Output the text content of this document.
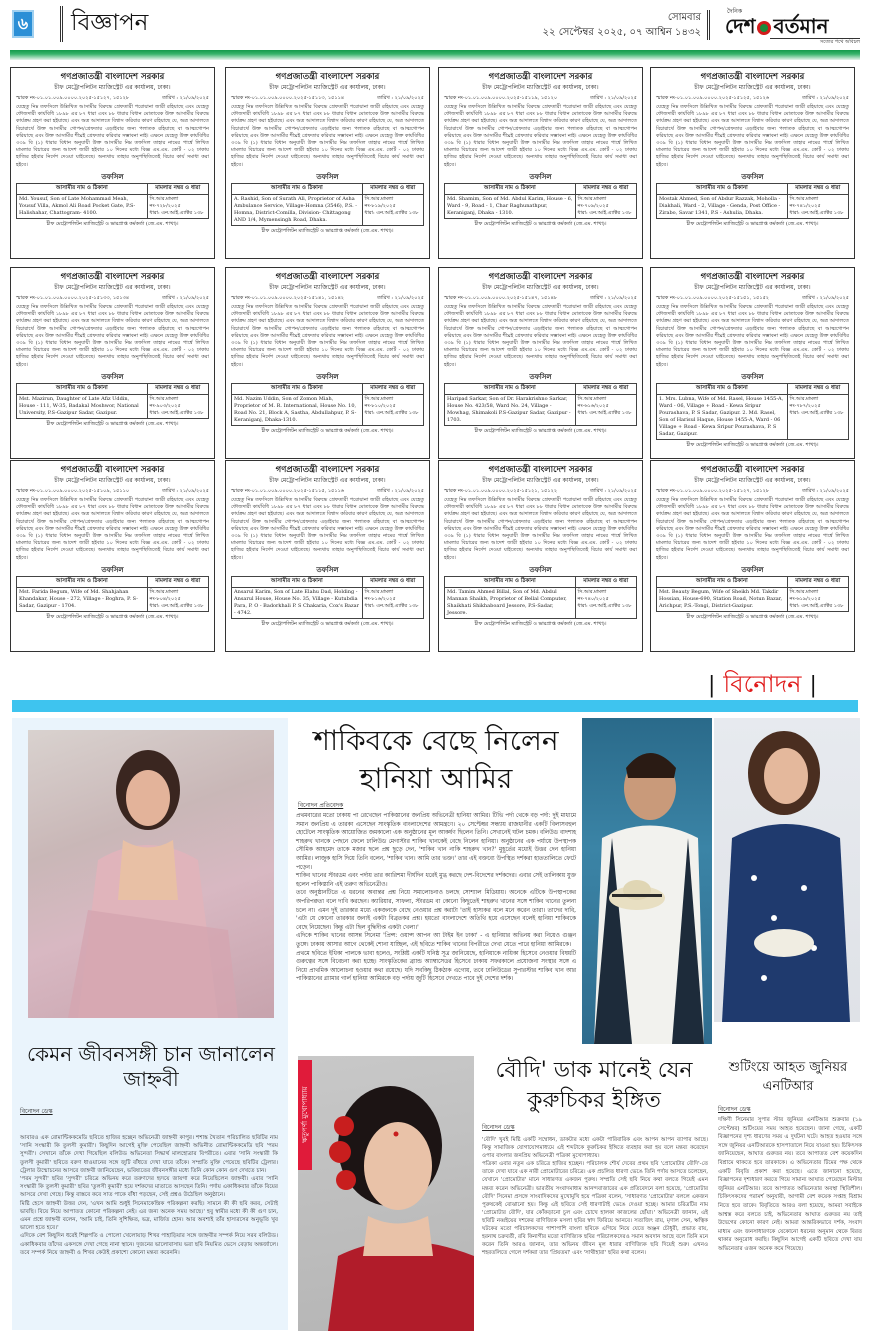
৬	বিজ্ঞাপন	সোমবার
২২ সেপ্টেম্বর ২০২৫, ০৭ আশ্বিন ১৪৩২
দৈনিক
দেশ বর্তমান
সত্যের পথে অবিচল
গণপ্রজাতন্ত্রী বাংলাদেশ সরকার
চীফ মেট্রোপলিটন ম্যাজিস্ট্রেট এর কার্যালয়, ঢাকা।
স্মারক নং-০১.০১.০০৯.০০০০.২০২৫-১৫১২৭, ১৫১২৮	তারিখ : ২১/০৯/২০২৫
যেহেতু নিম্ন তফসিলে উল্লিখিত আসামীর বিরুদ্ধে গ্রেফতারী পরোয়ানা জারী রহিয়াছে এবং যেহেতু ফৌজদারী কার্যবিধি ১৮৯৮ এর ৮৭ ধারা এবং ৮৮ ধারার বিধান মোতাবেক উক্ত আসামীর বিরুদ্ধে কার্যক্রম গ্রহণ করা হইয়াছে। এবং অত্র আদালতে বিশ্বাস করিবার কারণ রহিয়াছে যে, অত্র আদালতে বিচারার্থে উক্ত আসামীর গোপন/গ্রেফতার এড়াইবার জন্য পলাতক রহিয়াছে বা আত্মগোপন করিয়াছে এবং উক্ত আসামীর শীঘ্রই গ্রেফতার করিবার সম্ভাবনা নাই। এক্ষনে যেহেতু উক্ত কার্যবিধির ৩৩৯ বি (১) ধারার বিধান অনুযায়ী উক্ত আসামীর নিম্ন তফসিল তাহার নামের পার্শ্বে লিখিত মামলার বিচারের জন্য আদেশ জারী হইবার ১০ দিনের মধ্যে বিজ্ঞ এম.এম. কোর্ট - ০২ ঢাকায় হাজির হইবার নির্দেশ দেওয়া যাইতেছে। অন্যথায় তাহার অনুপস্থিতিতেই বিচার কার্য সমাধা করা হইবে।
তফসিল
আসামীর নাম ও ঠিকানা	মামলার নম্বর ও ধারা
Md. Yousuf, Son of Late Mohammad Meah, Yousuf Villa, Akmol Ali Road Pocket Gate, P.S-Halishahar, Chattogram- 4100.	সি.আর.মামলা নং-৭২৮/২০২৫
ধারা: এন.আই.এ্যাক্টর ১৩৮
চীফ মেট্রোপলিটন ম্যাজিস্ট্রেট ও ভারপ্রাপ্ত কর্মকর্তা (জে.এম. শাখা)।
গণপ্রজাতন্ত্রী বাংলাদেশ সরকার
চীফ মেট্রোপলিটন ম্যাজিস্ট্রেট এর কার্যালয়, ঢাকা।
স্মারক নং-০১.০১.০০৯.০০০০.২০২৫-১৫১১৩, ১৫১১৪	তারিখ : ২১/০৯/২০২৫
যেহেতু নিম্ন তফসিলে উল্লিখিত আসামীর বিরুদ্ধে গ্রেফতারী পরোয়ানা জারী রহিয়াছে এবং যেহেতু ফৌজদারী কার্যবিধি ১৮৯৮ এর ৮৭ ধারা এবং ৮৮ ধারার বিধান মোতাবেক উক্ত আসামীর বিরুদ্ধে কার্যক্রম গ্রহণ করা হইয়াছে। এবং অত্র আদালতে বিশ্বাস করিবার কারণ রহিয়াছে যে, অত্র আদালতে বিচারার্থে উক্ত আসামীর গোপন/গ্রেফতার এড়াইবার জন্য পলাতক রহিয়াছে বা আত্মগোপন করিয়াছে এবং উক্ত আসামীর শীঘ্রই গ্রেফতার করিবার সম্ভাবনা নাই। এক্ষনে যেহেতু উক্ত কার্যবিধির ৩৩৯ বি (১) ধারার বিধান অনুযায়ী উক্ত আসামীর নিম্ন তফসিল তাহার নামের পার্শ্বে লিখিত মামলার বিচারের জন্য আদেশ জারী হইবার ১০ দিনের মধ্যে বিজ্ঞ এম.এম. কোর্ট - ০২ ঢাকায় হাজির হইবার নির্দেশ দেওয়া যাইতেছে। অন্যথায় তাহার অনুপস্থিতিতেই বিচার কার্য সমাধা করা হইবে।
তফসিল
আসামীর নাম ও ঠিকানা	মামলার নম্বর ও ধারা
A. Rashid, Son of Surath Ali, Proprietor of Asha Ambulance Service, Village-Homna (3546), P.S. -Homna, District-Comilla, Division- Chittagong AND 1/4, Mymensingh Road, Dhaka.	সি.আর.মামলা নং-৮১৯/২০২৫
ধারা: এন.আই.এ্যাক্টর ১৩৮
চীফ মেট্রোপলিটন ম্যাজিস্ট্রেট ও ভারপ্রাপ্ত কর্মকর্তা (জে.এম. শাখা)।
গণপ্রজাতন্ত্রী বাংলাদেশ সরকার
চীফ মেট্রোপলিটন ম্যাজিস্ট্রেট এর কার্যালয়, ঢাকা।
স্মারক নং-০১.০১.০০৯.০০০০.২০২৫-১৫১১৯, ১৫১২০	তারিখ : ২১/০৯/২০২৫
যেহেতু নিম্ন তফসিলে উল্লিখিত আসামীর বিরুদ্ধে গ্রেফতারী পরোয়ানা জারী রহিয়াছে এবং যেহেতু ফৌজদারী কার্যবিধি ১৮৯৮ এর ৮৭ ধারা এবং ৮৮ ধারার বিধান মোতাবেক উক্ত আসামীর বিরুদ্ধে কার্যক্রম গ্রহণ করা হইয়াছে। এবং অত্র আদালতে বিশ্বাস করিবার কারণ রহিয়াছে যে, অত্র আদালতে বিচারার্থে উক্ত আসামীর গোপন/গ্রেফতার এড়াইবার জন্য পলাতক রহিয়াছে বা আত্মগোপন করিয়াছে এবং উক্ত আসামীর শীঘ্রই গ্রেফতার করিবার সম্ভাবনা নাই। এক্ষনে যেহেতু উক্ত কার্যবিধির ৩৩৯ বি (১) ধারার বিধান অনুযায়ী উক্ত আসামীর নিম্ন তফসিল তাহার নামের পার্শ্বে লিখিত মামলার বিচারের জন্য আদেশ জারী হইবার ১০ দিনের মধ্যে বিজ্ঞ এম.এম. কোর্ট - ০২ ঢাকায় হাজির হইবার নির্দেশ দেওয়া যাইতেছে। অন্যথায় তাহার অনুপস্থিতিতেই বিচার কার্য সমাধা করা হইবে।
তফসিল
আসামীর নাম ও ঠিকানা	মামলার নম্বর ও ধারা
Md. Shamim, Son of Md. Abdul Karim, House - 6, Ward - 9, Road - 1, Char Raghunathpur, Keraniganj, Dhaka - 1310.	সি.আর.মামলা নং-৭০৯/২০২৫
ধারা: এন.আই.এ্যাক্টর ১৩৮
চীফ মেট্রোপলিটন ম্যাজিস্ট্রেট ও ভারপ্রাপ্ত কর্মকর্তা (জে.এম. শাখা)।
গণপ্রজাতন্ত্রী বাংলাদেশ সরকার
চীফ মেট্রোপলিটন ম্যাজিস্ট্রেট এর কার্যালয়, ঢাকা।
স্মারক নং-০১.০১.০০৯.০০০০.২০২৫-১৫১২৫, ১৫১২৬	তারিখ : ২১/০৯/২০২৫
যেহেতু নিম্ন তফসিলে উল্লিখিত আসামীর বিরুদ্ধে গ্রেফতারী পরোয়ানা জারী রহিয়াছে এবং যেহেতু ফৌজদারী কার্যবিধি ১৮৯৮ এর ৮৭ ধারা এবং ৮৮ ধারার বিধান মোতাবেক উক্ত আসামীর বিরুদ্ধে কার্যক্রম গ্রহণ করা হইয়াছে। এবং অত্র আদালতে বিশ্বাস করিবার কারণ রহিয়াছে যে, অত্র আদালতে বিচারার্থে উক্ত আসামীর গোপন/গ্রেফতার এড়াইবার জন্য পলাতক রহিয়াছে বা আত্মগোপন করিয়াছে এবং উক্ত আসামীর শীঘ্রই গ্রেফতার করিবার সম্ভাবনা নাই। এক্ষনে যেহেতু উক্ত কার্যবিধির ৩৩৯ বি (১) ধারার বিধান অনুযায়ী উক্ত আসামীর নিম্ন তফসিল তাহার নামের পার্শ্বে লিখিত মামলার বিচারের জন্য আদেশ জারী হইবার ১০ দিনের মধ্যে বিজ্ঞ এম.এম. কোর্ট - ০২ ঢাকায় হাজির হইবার নির্দেশ দেওয়া যাইতেছে। অন্যথায় তাহার অনুপস্থিতিতেই বিচার কার্য সমাধা করা হইবে।
তফসিল
আসামীর নাম ও ঠিকানা	মামলার নম্বর ও ধারা
Mostak Ahmed, Son of Abdur Razzak, Moholla - Diakhali, Ward - 2, Village - Genda, Post Office - Zirabo, Savar 1341, P.S - Ashulia, Dhaka.	সি.আর.মামলা নং-৭৪১/২০২৫
ধারা: এন.আই.এ্যাক্টর ১৩৮
চীফ মেট্রোপলিটন ম্যাজিস্ট্রেট ও ভারপ্রাপ্ত কর্মকর্তা (জে.এম. শাখা)।
গণপ্রজাতন্ত্রী বাংলাদেশ সরকার
চীফ মেট্রোপলিটন ম্যাজিস্ট্রেট এর কার্যালয়, ঢাকা।
স্মারক নং-০১.০১.০০৯.০০০০.২০২৫-১৫১৩৩, ১৫১৩৪	তারিখ : ২১/০৯/২০২৫
যেহেতু নিম্ন তফসিলে উল্লিখিত আসামীর বিরুদ্ধে গ্রেফতারী পরোয়ানা জারী রহিয়াছে এবং যেহেতু ফৌজদারী কার্যবিধি ১৮৯৮ এর ৮৭ ধারা এবং ৮৮ ধারার বিধান মোতাবেক উক্ত আসামীর বিরুদ্ধে কার্যক্রম গ্রহণ করা হইয়াছে। এবং অত্র আদালতে বিশ্বাস করিবার কারণ রহিয়াছে যে, অত্র আদালতে বিচারার্থে উক্ত আসামীর গোপন/গ্রেফতার এড়াইবার জন্য পলাতক রহিয়াছে বা আত্মগোপন করিয়াছে এবং উক্ত আসামীর শীঘ্রই গ্রেফতার করিবার সম্ভাবনা নাই। এক্ষনে যেহেতু উক্ত কার্যবিধির ৩৩৯ বি (১) ধারার বিধান অনুযায়ী উক্ত আসামীর নিম্ন তফসিল তাহার নামের পার্শ্বে লিখিত মামলার বিচারের জন্য আদেশ জারী হইবার ১০ দিনের মধ্যে বিজ্ঞ এম.এম. কোর্ট - ০২ ঢাকায় হাজির হইবার নির্দেশ দেওয়া যাইতেছে। অন্যথায় তাহার অনুপস্থিতিতেই বিচার কার্য সমাধা করা হইবে।
তফসিল
আসামীর নাম ও ঠিকানা	মামলার নম্বর ও ধারা
Mst. Mazirun, Daughter of Late Afiz Uddin, House - 111, W-35, Badakal Moshwor, National University, P.S-Gazipur Sadar, Gazipur.	সি.আর.মামলা নং-৯০৩/২০২৫
ধারা: এন.আই.এ্যাক্টর ১৩৮
চীফ মেট্রোপলিটন ম্যাজিস্ট্রেট ও ভারপ্রাপ্ত কর্মকর্তা (জে.এম. শাখা)।
গণপ্রজাতন্ত্রী বাংলাদেশ সরকার
চীফ মেট্রোপলিটন ম্যাজিস্ট্রেট এর কার্যালয়, ঢাকা।
স্মারক নং-০১.০১.০০৯.০০০০.২০২৫-১৫১৪১, ১৫১৪২	তারিখ : ২১/০৯/২০২৫
যেহেতু নিম্ন তফসিলে উল্লিখিত আসামীর বিরুদ্ধে গ্রেফতারী পরোয়ানা জারী রহিয়াছে এবং যেহেতু ফৌজদারী কার্যবিধি ১৮৯৮ এর ৮৭ ধারা এবং ৮৮ ধারার বিধান মোতাবেক উক্ত আসামীর বিরুদ্ধে কার্যক্রম গ্রহণ করা হইয়াছে। এবং অত্র আদালতে বিশ্বাস করিবার কারণ রহিয়াছে যে, অত্র আদালতে বিচারার্থে উক্ত আসামীর গোপন/গ্রেফতার এড়াইবার জন্য পলাতক রহিয়াছে বা আত্মগোপন করিয়াছে এবং উক্ত আসামীর শীঘ্রই গ্রেফতার করিবার সম্ভাবনা নাই। এক্ষনে যেহেতু উক্ত কার্যবিধির ৩৩৯ বি (১) ধারার বিধান অনুযায়ী উক্ত আসামীর নিম্ন তফসিল তাহার নামের পার্শ্বে লিখিত মামলার বিচারের জন্য আদেশ জারী হইবার ১০ দিনের মধ্যে বিজ্ঞ এম.এম. কোর্ট - ০২ ঢাকায় হাজির হইবার নির্দেশ দেওয়া যাইতেছে। অন্যথায় তাহার অনুপস্থিতিতেই বিচার কার্য সমাধা করা হইবে।
তফসিল
আসামীর নাম ও ঠিকানা	মামলার নম্বর ও ধারা
Md. Nazim Uddin, Son of Zomon Miah, Proprietor of M. R. International, House No. 10, Road No. 21, Block A, Sastha, Abdullahpur, P. S-Keraniganj, Dhaka-1310.	সি.আর.মামলা নং-৮১০/২০২৫
ধারা: এন.আই.এ্যাক্টর ১৩৮
চীফ মেট্রোপলিটন ম্যাজিস্ট্রেট ও ভারপ্রাপ্ত কর্মকর্তা (জে.এম. শাখা)।
গণপ্রজাতন্ত্রী বাংলাদেশ সরকার
চীফ মেট্রোপলিটন ম্যাজিস্ট্রেট এর কার্যালয়, ঢাকা।
স্মারক নং-০১.০১.০০৯.০০০০.২০২৫-১৫১৪৭, ১৫১৪৮	তারিখ : ২১/০৯/২০২৫
যেহেতু নিম্ন তফসিলে উল্লিখিত আসামীর বিরুদ্ধে গ্রেফতারী পরোয়ানা জারী রহিয়াছে এবং যেহেতু ফৌজদারী কার্যবিধি ১৮৯৮ এর ৮৭ ধারা এবং ৮৮ ধারার বিধান মোতাবেক উক্ত আসামীর বিরুদ্ধে কার্যক্রম গ্রহণ করা হইয়াছে। এবং অত্র আদালতে বিশ্বাস করিবার কারণ রহিয়াছে যে, অত্র আদালতে বিচারার্থে উক্ত আসামীর গোপন/গ্রেফতার এড়াইবার জন্য পলাতক রহিয়াছে বা আত্মগোপন করিয়াছে এবং উক্ত আসামীর শীঘ্রই গ্রেফতার করিবার সম্ভাবনা নাই। এক্ষনে যেহেতু উক্ত কার্যবিধির ৩৩৯ বি (১) ধারার বিধান অনুযায়ী উক্ত আসামীর নিম্ন তফসিল তাহার নামের পার্শ্বে লিখিত মামলার বিচারের জন্য আদেশ জারী হইবার ১০ দিনের মধ্যে বিজ্ঞ এম.এম. কোর্ট - ০২ ঢাকায় হাজির হইবার নির্দেশ দেওয়া যাইতেছে। অন্যথায় তাহার অনুপস্থিতিতেই বিচার কার্য সমাধা করা হইবে।
তফসিল
আসামীর নাম ও ঠিকানা	মামলার নম্বর ও ধারা
Haripad Sarkar, Son of Dr. Harakrishno Sarkar, House No. 423/58, Ward No. 24, Village - Mowhag, Shimakoli P.S-Gazipur Sadar, Gazipur - 1703.	সি.আর.মামলা নং-৬১৬/২০২৫
ধারা: এন.আই.এ্যাক্টর ১৩৮
চীফ মেট্রোপলিটন ম্যাজিস্ট্রেট ও ভারপ্রাপ্ত কর্মকর্তা (জে.এম. শাখা)।
গণপ্রজাতন্ত্রী বাংলাদেশ সরকার
চীফ মেট্রোপলিটন ম্যাজিস্ট্রেট এর কার্যালয়, ঢাকা।
স্মারক নং-০১.০১.০০৯.০০০০.২০২৫-১৫১৫১, ১৫১৫২	তারিখ : ২১/০৯/২০২৫
যেহেতু নিম্ন তফসিলে উল্লিখিত আসামীর বিরুদ্ধে গ্রেফতারী পরোয়ানা জারী রহিয়াছে এবং যেহেতু ফৌজদারী কার্যবিধি ১৮৯৮ এর ৮৭ ধারা এবং ৮৮ ধারার বিধান মোতাবেক উক্ত আসামীর বিরুদ্ধে কার্যক্রম গ্রহণ করা হইয়াছে। এবং অত্র আদালতে বিশ্বাস করিবার কারণ রহিয়াছে যে, অত্র আদালতে বিচারার্থে উক্ত আসামীর গোপন/গ্রেফতার এড়াইবার জন্য পলাতক রহিয়াছে বা আত্মগোপন করিয়াছে এবং উক্ত আসামীর শীঘ্রই গ্রেফতার করিবার সম্ভাবনা নাই। এক্ষনে যেহেতু উক্ত কার্যবিধির ৩৩৯ বি (১) ধারার বিধান অনুযায়ী উক্ত আসামীর নিম্ন তফসিল তাহার নামের পার্শ্বে লিখিত মামলার বিচারের জন্য আদেশ জারী হইবার ১০ দিনের মধ্যে বিজ্ঞ এম.এম. কোর্ট - ০২ ঢাকায় হাজির হইবার নির্দেশ দেওয়া যাইতেছে। অন্যথায় তাহার অনুপস্থিতিতেই বিচার কার্য সমাধা করা হইবে।
তফসিল
আসামীর নাম ও ঠিকানা	মামলার নম্বর ও ধারা
1. Mrs. Lubna, Wife of Md. Rasel, House 1455-A, Ward - 06, Village + Road - Kewa Sripur Pourashava, P. S Sadar, Gazipur. 2. Md. Rasel, Son of Harisul Haque, House 1455-A, Ward - 06 Village + Road - Kewa Sripur Pourashava, P. S Sadar, Gazipur.	সি.আর.মামলা নং-৭৮৭/২০২৫
ধারা: এন.আই.এ্যাক্টর ১৩৮
চীফ মেট্রোপলিটন ম্যাজিস্ট্রেট ও ভারপ্রাপ্ত কর্মকর্তা (জে.এম. শাখা)।
গণপ্রজাতন্ত্রী বাংলাদেশ সরকার
চীফ মেট্রোপলিটন ম্যাজিস্ট্রেট এর কার্যালয়, ঢাকা।
স্মারক নং-০১.০১.০০৯.০০০০.২০২৫-১৫১০৯, ১৫১১০	তারিখ : ২১/০৯/২০২৫
যেহেতু নিম্ন তফসিলে উল্লিখিত আসামীর বিরুদ্ধে গ্রেফতারী পরোয়ানা জারী রহিয়াছে এবং যেহেতু ফৌজদারী কার্যবিধি ১৮৯৮ এর ৮৭ ধারা এবং ৮৮ ধারার বিধান মোতাবেক উক্ত আসামীর বিরুদ্ধে কার্যক্রম গ্রহণ করা হইয়াছে। এবং অত্র আদালতে বিশ্বাস করিবার কারণ রহিয়াছে যে, অত্র আদালতে বিচারার্থে উক্ত আসামীর গোপন/গ্রেফতার এড়াইবার জন্য পলাতক রহিয়াছে বা আত্মগোপন করিয়াছে এবং উক্ত আসামীর শীঘ্রই গ্রেফতার করিবার সম্ভাবনা নাই। এক্ষনে যেহেতু উক্ত কার্যবিধির ৩৩৯ বি (১) ধারার বিধান অনুযায়ী উক্ত আসামীর নিম্ন তফসিল তাহার নামের পার্শ্বে লিখিত মামলার বিচারের জন্য আদেশ জারী হইবার ১০ দিনের মধ্যে বিজ্ঞ এম.এম. কোর্ট - ০২ ঢাকায় হাজির হইবার নির্দেশ দেওয়া যাইতেছে। অন্যথায় তাহার অনুপস্থিতিতেই বিচার কার্য সমাধা করা হইবে।
তফসিল
আসামীর নাম ও ঠিকানা	মামলার নম্বর ও ধারা
Mst. Farida Begum, Wife of Md. Shahjahan Khandakar, House - 272, Village - Boghra, P. S-Sadar, Gazipur - 1704.	সি.আর.মামলা নং-৮০৪/২০২৫
ধারা: এন.আই.এ্যাক্টর ১৩৮
চীফ মেট্রোপলিটন ম্যাজিস্ট্রেট ও ভারপ্রাপ্ত কর্মকর্তা (জে.এম. শাখা)।
গণপ্রজাতন্ত্রী বাংলাদেশ সরকার
চীফ মেট্রোপলিটন ম্যাজিস্ট্রেট এর কার্যালয়, ঢাকা।
স্মারক নং-০১.০১.০০৯.০০০০.২০২৫-১৫১১৫, ১৫১১৬	তারিখ : ২১/০৯/২০২৫
যেহেতু নিম্ন তফসিলে উল্লিখিত আসামীর বিরুদ্ধে গ্রেফতারী পরোয়ানা জারী রহিয়াছে এবং যেহেতু ফৌজদারী কার্যবিধি ১৮৯৮ এর ৮৭ ধারা এবং ৮৮ ধারার বিধান মোতাবেক উক্ত আসামীর বিরুদ্ধে কার্যক্রম গ্রহণ করা হইয়াছে। এবং অত্র আদালতে বিশ্বাস করিবার কারণ রহিয়াছে যে, অত্র আদালতে বিচারার্থে উক্ত আসামীর গোপন/গ্রেফতার এড়াইবার জন্য পলাতক রহিয়াছে বা আত্মগোপন করিয়াছে এবং উক্ত আসামীর শীঘ্রই গ্রেফতার করিবার সম্ভাবনা নাই। এক্ষনে যেহেতু উক্ত কার্যবিধির ৩৩৯ বি (১) ধারার বিধান অনুযায়ী উক্ত আসামীর নিম্ন তফসিল তাহার নামের পার্শ্বে লিখিত মামলার বিচারের জন্য আদেশ জারী হইবার ১০ দিনের মধ্যে বিজ্ঞ এম.এম. কোর্ট - ০২ ঢাকায় হাজির হইবার নির্দেশ দেওয়া যাইতেছে। অন্যথায় তাহার অনুপস্থিতিতেই বিচার কার্য সমাধা করা হইবে।
তফসিল
আসামীর নাম ও ঠিকানা	মামলার নম্বর ও ধারা
Ansarul Karim, Son of Late Elahu Dad, Holding - Ansarul House, House No. 35, Village - Kutubdia Para, P. O - Badorkhali P. S Chakaria, Cox's Bazar - 4742.	সি.আর.মামলা নং-৮১৬/২০২৫
ধারা: এন.আই.এ্যাক্টর ১৩৮
চীফ মেট্রোপলিটন ম্যাজিস্ট্রেট ও ভারপ্রাপ্ত কর্মকর্তা (জে.এম. শাখা)।
গণপ্রজাতন্ত্রী বাংলাদেশ সরকার
চীফ মেট্রোপলিটন ম্যাজিস্ট্রেট এর কার্যালয়, ঢাকা।
স্মারক নং-০১.০১.০০৯.০০০০.২০২৫-১৫১২১, ১৫১২২	তারিখ : ২১/০৯/২০২৫
যেহেতু নিম্ন তফসিলে উল্লিখিত আসামীর বিরুদ্ধে গ্রেফতারী পরোয়ানা জারী রহিয়াছে এবং যেহেতু ফৌজদারী কার্যবিধি ১৮৯৮ এর ৮৭ ধারা এবং ৮৮ ধারার বিধান মোতাবেক উক্ত আসামীর বিরুদ্ধে কার্যক্রম গ্রহণ করা হইয়াছে। এবং অত্র আদালতে বিশ্বাস করিবার কারণ রহিয়াছে যে, অত্র আদালতে বিচারার্থে উক্ত আসামীর গোপন/গ্রেফতার এড়াইবার জন্য পলাতক রহিয়াছে বা আত্মগোপন করিয়াছে এবং উক্ত আসামীর শীঘ্রই গ্রেফতার করিবার সম্ভাবনা নাই। এক্ষনে যেহেতু উক্ত কার্যবিধির ৩৩৯ বি (১) ধারার বিধান অনুযায়ী উক্ত আসামীর নিম্ন তফসিল তাহার নামের পার্শ্বে লিখিত মামলার বিচারের জন্য আদেশ জারী হইবার ১০ দিনের মধ্যে বিজ্ঞ এম.এম. কোর্ট - ০২ ঢাকায় হাজির হইবার নির্দেশ দেওয়া যাইতেছে। অন্যথায় তাহার অনুপস্থিতিতেই বিচার কার্য সমাধা করা হইবে।
তফসিল
আসামীর নাম ও ঠিকানা	মামলার নম্বর ও ধারা
Md. Tamim Ahmed Billal, Son of Md. Abdul Mannan Shaikh, Proprietor of Bellal Computer, Shaikhati Shikhaboard Jessore, P.S-Sadar, Jessore.	সি.আর.মামলা নং-৭৪০/২০২৫
ধারা: এন.আই.এ্যাক্টর ১৩৮
চীফ মেট্রোপলিটন ম্যাজিস্ট্রেট ও ভারপ্রাপ্ত কর্মকর্তা (জে.এম. শাখা)।
গণপ্রজাতন্ত্রী বাংলাদেশ সরকার
চীফ মেট্রোপলিটন ম্যাজিস্ট্রেট এর কার্যালয়, ঢাকা।
স্মারক নং-০১.০১.০০৯.০০০০.২০২৫-১৫১২৭, ১৫১২৮	তারিখ : ২১/০৯/২০২৫
যেহেতু নিম্ন তফসিলে উল্লিখিত আসামীর বিরুদ্ধে গ্রেফতারী পরোয়ানা জারী রহিয়াছে এবং যেহেতু ফৌজদারী কার্যবিধি ১৮৯৮ এর ৮৭ ধারা এবং ৮৮ ধারার বিধান মোতাবেক উক্ত আসামীর বিরুদ্ধে কার্যক্রম গ্রহণ করা হইয়াছে। এবং অত্র আদালতে বিশ্বাস করিবার কারণ রহিয়াছে যে, অত্র আদালতে বিচারার্থে উক্ত আসামীর গোপন/গ্রেফতার এড়াইবার জন্য পলাতক রহিয়াছে বা আত্মগোপন করিয়াছে এবং উক্ত আসামীর শীঘ্রই গ্রেফতার করিবার সম্ভাবনা নাই। এক্ষনে যেহেতু উক্ত কার্যবিধির ৩৩৯ বি (১) ধারার বিধান অনুযায়ী উক্ত আসামীর নিম্ন তফসিল তাহার নামের পার্শ্বে লিখিত মামলার বিচারের জন্য আদেশ জারী হইবার ১০ দিনের মধ্যে বিজ্ঞ এম.এম. কোর্ট - ০২ ঢাকায় হাজির হইবার নির্দেশ দেওয়া যাইতেছে। অন্যথায় তাহার অনুপস্থিতিতেই বিচার কার্য সমাধা করা হইবে।
তফসিল
আসামীর নাম ও ঠিকানা	মামলার নম্বর ও ধারা
Mst. Beauty Begum, Wife of Sheikh Md. Takdir Hossian, House-690, Station Road, Notun Bazar, Arichpur, P.S.-Tongi, District-Gazipur.	সি.আর.মামলা নং-৬১৯/২০২৫
ধারা: এন.আই.এ্যাক্টর ১৩৮
চীফ মেট্রোপলিটন ম্যাজিস্ট্রেট ও ভারপ্রাপ্ত কর্মকর্তা (জে.এম. শাখা)।
| বিনোদন |
কেমন জীবনসঙ্গী চান জানালেন জাহ্নবী
বিনোদন ডেস্ক

আবারও এক রোমান্টিককমেডি ছবিতে হাজির হচ্ছেন অভিনেত্রী জাহ্নবী কাপুর। শশাঙ্ক খৈতান পরিচালিত ছবিটির নাম 'সানি সংস্কারী কি তুলসী কুমারী'। কিছুদিন আগেই মুক্তি পেয়েছিল জাহ্নবী অভিনীত রোমান্টিককমেডি ছবি 'পরম সুন্দরী'। সেখানে তাঁকে দেখা গিয়েছিল বলিউড অভিনেতা সিদ্ধার্থ মালহোত্রার বিপরীতে। এবার 'সানি সংস্কারী কি তুলসী কুমারী' ছবিতে বরুণ ধাওয়ানের সঙ্গে জুটি বাঁধতে দেখা যাবে তাঁকে। সম্প্রতি মুক্তি পেয়েছে ছবিটির ট্রেলার। ট্রেলার উন্মোচনের আসরে জাহ্নবী জানিয়েছেন, ভবিষ্যতের জীবনসঙ্গীর মধ্যে তিনি কোন কোন গুণ দেখতে চান।

'পরম সুন্দরী' ছবির 'সুন্দরী' চরিত্রে অভিনয় করে তরুণদের হৃদয়ে জায়গা করে নিয়েছিলেন জাহ্নবী। এবার 'সানি সংস্কারী কি তুলসী কুমারী' ছবির 'তুলসী কুমারী' হয়ে দর্শকদের মাতাতে আসছেন তিনি। পর্দায় একাধিকবার তাঁকে বিয়ের আসরে দেখা গেছে। কিন্তু বাস্তবে কবে সাত পাকে বাঁধা পড়ছেন, সেই প্রশ্নও উঠেছিল অনুষ্ঠানে।

মিষ্টি হেসে জাহ্নবী উত্তর দেন, 'এখন আমি শুধুই সিনেমাকেন্দ্রিক পরিকল্পনা করছি। সামনে কী কী ছবি করব, সেটাই ভাবছি। বিয়ে নিয়ে আপাতত কোনো পরিকল্পনা নেই। এর জন্য অনেক সময় আছে।' হবু স্বামীর মধ্যে কী কী গুণ চান, এমন প্রশ্নে জাহ্নবী বলেন, 'আমি চাই, তিনি সুশিক্ষিত, ভদ্র, মার্জিত হোন। আর অবশ্যই তাঁর হাস্যরসের অনুভূতি খুব ভালো হতে হবে।'

এদিকে বেশ কিছুদিন ধরেই শিল্পপতি ও পোলো খেলোয়াড় শিখর পাহাড়িয়ার সঙ্গে জাহ্নবীর সম্পর্ক নিয়ে সরব বলিউড। একাধিকবার তাঁদের একসঙ্গে দেখা গেছে নানা স্থানে। দুজনের ভালোবাসায় ভরা ছবি নিয়মিত ভেসে বেড়ায় অন্তর্জালে। তবে সম্পর্ক নিয়ে জাহ্নবী ও শিখর কেউই প্রকাশ্যে কোনো মন্তব্য করেননি।

শাকিবকে বেছে নিলেন হানিয়া আমির
বিনোদন প্রতিবেদক

প্রথমবারের মতো ঢাকায় পা রেখেছেন পাকিস্তানের জনপ্রিয় অভিনেত্রী হানিয়া আমির। টিভি পর্দা থেকে বড় পর্দা: দুই মাধ্যমে সমান জনপ্রিয় এ তারকা এসেছেন সাংস্কৃতিক বাংলাদেশের আমন্ত্রণে। ২০ সেপ্টেম্বর সন্ধ্যায় রাজধানীর একটি বিলাসবহুল হোটেলে সাংস্কৃতিক আয়োজিত জমকালো এক অনুষ্ঠানের মূল আকর্ষণ ছিলেন তিনি। সেখানেই ঘটল চমক। বলিউড বাদশাহ শাহরুখ খানকে পেছনে ফেলে ঢালিউড মেগাস্টার শাকিব খানকেই বেছে নিলেন হানিয়া। অনুষ্ঠানের এক পর্যায়ে উপস্থাপক সৌমিক আহমেদ তাকে মজার ছলে প্রশ্ন ছুড়ে দেন, 'শাকিব খান নাকি শাহরুখ খান?' মুহূর্তের মধ্যেই উত্তর দেন হানিয়া আমির। লাজুক হাসি দিয়ে তিনি বলেন, 'শাকিব খান। আমি তার ভক্ত।' তার এই বক্তব্যে উপস্থিত দর্শকরা হাততালিতে ফেটে পড়েন।

শাকিব খানের স্টারডম এবং পর্দায় তার ক্যারিশমা দীর্ঘদিন ধরেই মুগ্ধ করছে দেশ-বিদেশের দর্শকদের। এবার সেই তালিকায় যুক্ত হলেন পাকিস্তানি এই তরুণ অভিনেত্রীও।

তবে অনুষ্ঠানটিতে এ ধরনের অবান্তর প্রশ্ন নিয়ে সমালোচনাও চলছে সোশ্যাল মিডিয়ায়। অনেকে এটিকে উপস্থাপকের অপরিপক্বতা বলে দাবি করছেন। ক্যারিয়ার, সাফল্য, স্টারডম বা কোনো কিছুতেই শাহরুখ খানের সঙ্গে শাকিব খানের তুলনা চলে না। এমন দুই তারকার মধ্যে একজনকে বেছে নেওয়ার প্রশ্ন করাটা 'তাই হাস্যকর বলে মনে করেন তারা। তাদের দাবি, 'এটা যে কোনো তারকার জন্যই একটা বিব্রতকর প্রশ্ন। হয়তো বাংলাদেশে অতিথি হয়ে এসেছেন বলেই হানিয়া শাকিবকে বেছে নিয়েছেন। কিন্তু এটা ছিল বুদ্ধিদীপ্ত একটা খেলা।'

এদিকে শাকিব খানের আসন্ন সিনেমা 'প্রিন্স: ওয়ান্স আপন আ টাইম ইন ঢাকা' - এ হানিয়ার অভিনয় করা নিয়েও গুঞ্জন তুঙ্গে। ঢাকায় আসার আগে থেকেই শোনা যাচ্ছিল, এই ছবিতে শাকিব খানের বিপরীতে দেখা যেতে পারে হানিয়া আমিরকে।

প্রথমে ছবিতে ইধিকা পালকে ভাবা হলেও, সংশ্লিষ্ট একটি ঘনিষ্ঠ সূত্র জানিয়েছে, হানিয়াকে নায়িকা হিসেবে নেওয়ার বিষয়টি গুরুত্বের সঙ্গে বিবেচনা করা হচ্ছে। সাংস্কৃতিকের ব্র্যান্ড অ্যাম্বাসেডর হিসেবে ঢাকায় সফরকালে প্রযোজনা সংস্থার সঙ্গে এ নিয়ে প্রাথমিক আলোচনা হওয়ার কথা রয়েছে। যদি সবকিছু ঠিকঠাক এগোয়, তবে ঢালিউডের সুপারস্টার শাকিব খান আর পাকিস্তানের গ্ল্যামার গার্ল হানিয়া আমিরকে বড় পর্দায় জুটি হিসেবে দেখতে পাবে দুই দেশের দর্শক।

ঋতুপর্ণা মুখোপাধ্যায়
বৌদি' ডাক মানেই যেন কুরুচিকর ইঙ্গিত
বিনোদন ডেস্ক

'বৌদি' খুবই মিষ্টি একটি সম্বোধন, ডাকটার মধ্যে একটা পারিবারিক এবং আপন আপন ব্যাপার আছে। কিন্তু সামাজিক যোগাযোগমাধ্যমে এই শব্দটাকে কুরুচিকর ইঙ্গিতে ব্যবহার করা হয় বলে মন্তব্য করেছেন ওপার বাংলার জনপ্রিয় অভিনেত্রী পত্রিকা মুখোপাধ্যায়।

পত্রিকা এবার নতুন এক চরিত্রে হাজির হচ্ছেন। পরিচালক শৌর্য দেবের প্রথম ছবি 'প্রোমোটার বৌদি'-তে তাকে দেখা যাবে এক নারী প্রোমোটারের চরিত্রে। এক প্রচলিত ধারণা ভেঙে তিনি পর্দায় আসতে চলেছেন, যেখানে 'প্রোমোটার' মানে সাধারণত একজন পুরুষ। সম্প্রতি সেই ছবি নিয়ে কথা বলতে গিয়েই এমন মন্তব্য করেন অভিনেত্রী। ভারতীয় সংবাদমাধ্যম আনন্দবাজারের এক প্রতিবেদনে বলা হয়েছে, 'প্রোমোটার বৌদি' সিনেমা প্রসঙ্গে সাংবাদিকদের মুখোমুখি হয়ে পত্রিকা বলেন, 'সাধারণত 'প্রোমোটার' বললে একজন পুরুষকেই বোঝানো হয়। কিন্তু এই ছবিতে সেই ধারণাটাই ভেঙে দেওয়া হচ্ছে। আমার চরিত্রটির নাম 'প্রোমোটার বৌদি', যার কোঁকড়ানো চুল এবং চোখে হালকা কাজলের ছোঁয়া।' অভিনেত্রী জানান, এই ছবিটি নব্বইয়ের দশকের বাণিজ্যিক মসলা ছবির স্বাদ ফিরিয়ে আনবে। সত্যজিৎ রায়, মৃণাল সেন, ঋত্বিক ঘটকের মতো পরিচালকদের পাশাপাশি বাংলা ছবিকে এগিয়ে নিয়ে যেতে অঞ্জন চৌধুরী, প্রভাত রায়, হরনাথ চক্রবর্তী, রবি কিনাগীর মতো বাণিজ্যিক ছবির পরিচালকদেরও সমান অবদান আছে বলে তিনি মনে করেন তিনি আরও জানান, তার অভিনয় জীবন মূল ধারার বাণিজ্যিক ছবি দিয়েই শুরু। এখনও শহরতলিতে গেলে দর্শকরা তার 'প্রিয়তমা' এবং 'সাথীহারা' ছবির কথা বলেন।

শুটিংয়ে আহত জুনিয়র এনটিআর
বিনোদন ডেস্ক

দক্ষিণী সিনেমার সুপার স্টার জুনিয়র এনটিআর শুক্রবার (১৯ সেপ্টেম্বর) শুটিংয়ের সময় আহত হয়েছেন। জানা গেছে, একটি বিজ্ঞাপনের দৃশ্য ধারণের সময় এ দুর্ঘটনা ঘটে। আহত হওয়ার সঙ্গে সঙ্গে জুনিয়র এনটিআরকে হাসপাতালে নিয়ে যাওয়া হয়। চিকিৎসক জানিয়েছেন, আঘাত গুরুতর নয়। তবে আপাতত বেশ কয়েকদিন বিশ্রামে থাকতে হবে তারকাকে। এ অভিনেতার টিমের পক্ষ থেকে একটি বিবৃতি প্রকাশ করা হয়েছে। এতে জানানো হয়েছে, বিজ্ঞাপনের দৃশ্যধারণ করতে গিয়ে সামান্য আঘাত পেয়েছেন মিস্টার জুনিয়র এনটিআর। তবে আপাতত অভিনেতার অবস্থা স্থিতিশীল। চিকিৎসকদের পরামর্শ অনুযায়ী, আগামী বেশ কয়েক সপ্তাহ বিশ্রাম নিতে হবে তাকে। বিবৃতিতে আরও বলা হয়েছে, আমরা সবাইকে আশ্বস্ত করে বলতে চাই, অভিনেতার আঘাত গুরুতর নয় তাই উদ্বেগের কোনো কারণ নেই। আমরা আন্তরিকভাবে দর্শক, সংবাদ মাধ্যম এবং জনসাধারণকে যেকোনো ধরনের অনুমান থেকে বিরত থাকার অনুরোধ করছি। কিছুদিন আগেই একটি ছবিতে দেখা যায় অভিনেতার ওজন অনেক কমে গিয়েছে।
